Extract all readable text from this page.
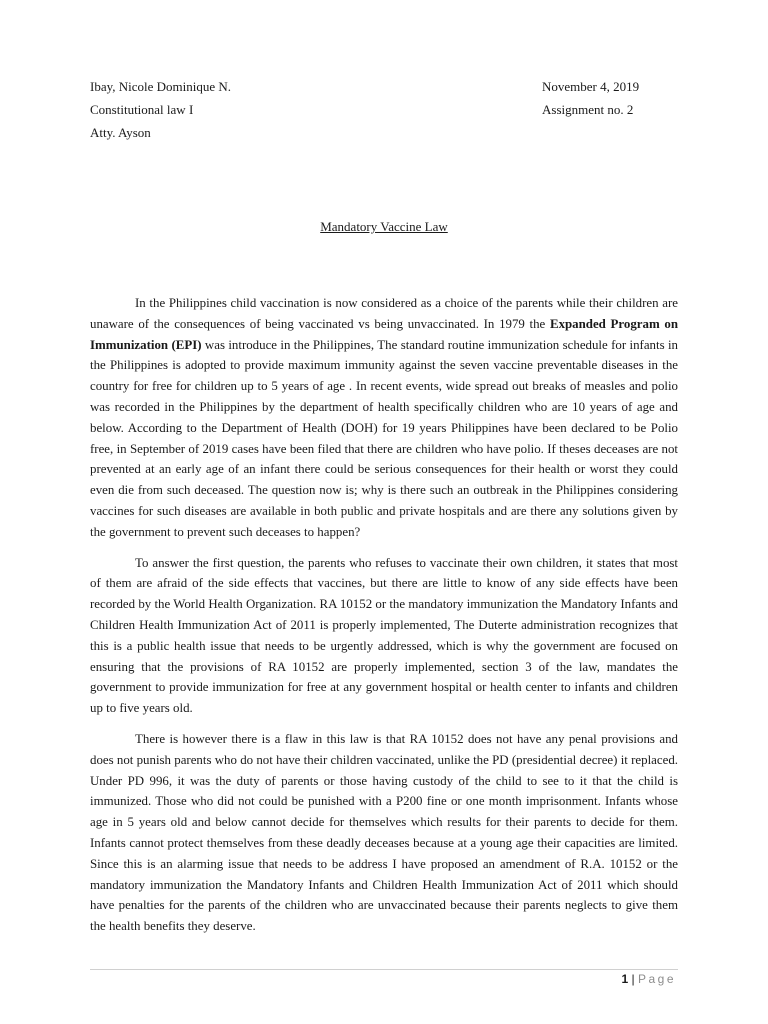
Ibay, Nicole Dominique N.	November 4, 2019
Constitutional law I	Assignment no. 2
Atty. Ayson
Mandatory Vaccine Law

In the Philippines child vaccination is now considered as a choice of the parents while their children are unaware of the consequences of being vaccinated vs being unvaccinated. In 1979 the Expanded Program on Immunization (EPI) was introduce in the Philippines, The standard routine immunization schedule for infants in the Philippines is adopted to provide maximum immunity against the seven vaccine preventable diseases in the country for free for children up to 5 years of age . In recent events, wide spread out breaks of measles and polio was recorded in the Philippines by the department of health specifically children who are 10 years of age and below. According to the Department of Health (DOH) for 19 years Philippines have been declared to be Polio free, in September of 2019 cases have been filed that there are children who have polio. If theses deceases are not prevented at an early age of an infant there could be serious consequences for their health or worst they could even die from such deceased. The question now is; why is there such an outbreak in the Philippines considering vaccines for such diseases are available in both public and private hospitals and are there any solutions given by the government to prevent such deceases to happen?

To answer the first question, the parents who refuses to vaccinate their own children, it states that most of them are afraid of the side effects that vaccines, but there are little to know of any side effects have been recorded by the World Health Organization. RA 10152 or the mandatory immunization the Mandatory Infants and Children Health Immunization Act of 2011 is properly implemented, The Duterte administration recognizes that this is a public health issue that needs to be urgently addressed, which is why the government are focused on ensuring that the provisions of RA 10152 are properly implemented, section 3 of the law, mandates the government to provide immunization for free at any government hospital or health center to infants and children up to five years old.

There is however there is a flaw in this law is that RA 10152 does not have any penal provisions and does not punish parents who do not have their children vaccinated, unlike the PD (presidential decree) it replaced. Under PD 996, it was the duty of parents or those having custody of the child to see to it that the child is immunized. Those who did not could be punished with a P200 fine or one month imprisonment. Infants whose age in 5 years old and below cannot decide for themselves which results for their parents to decide for them. Infants cannot protect themselves from these deadly deceases because at a young age their capacities are limited. Since this is an alarming issue that needs to be address I have proposed an amendment of R.A. 10152 or the mandatory immunization the Mandatory Infants and Children Health Immunization Act of 2011 which should have penalties for the parents of the children who are unvaccinated because their parents neglects to give them the health benefits they deserve.

1 | Page
